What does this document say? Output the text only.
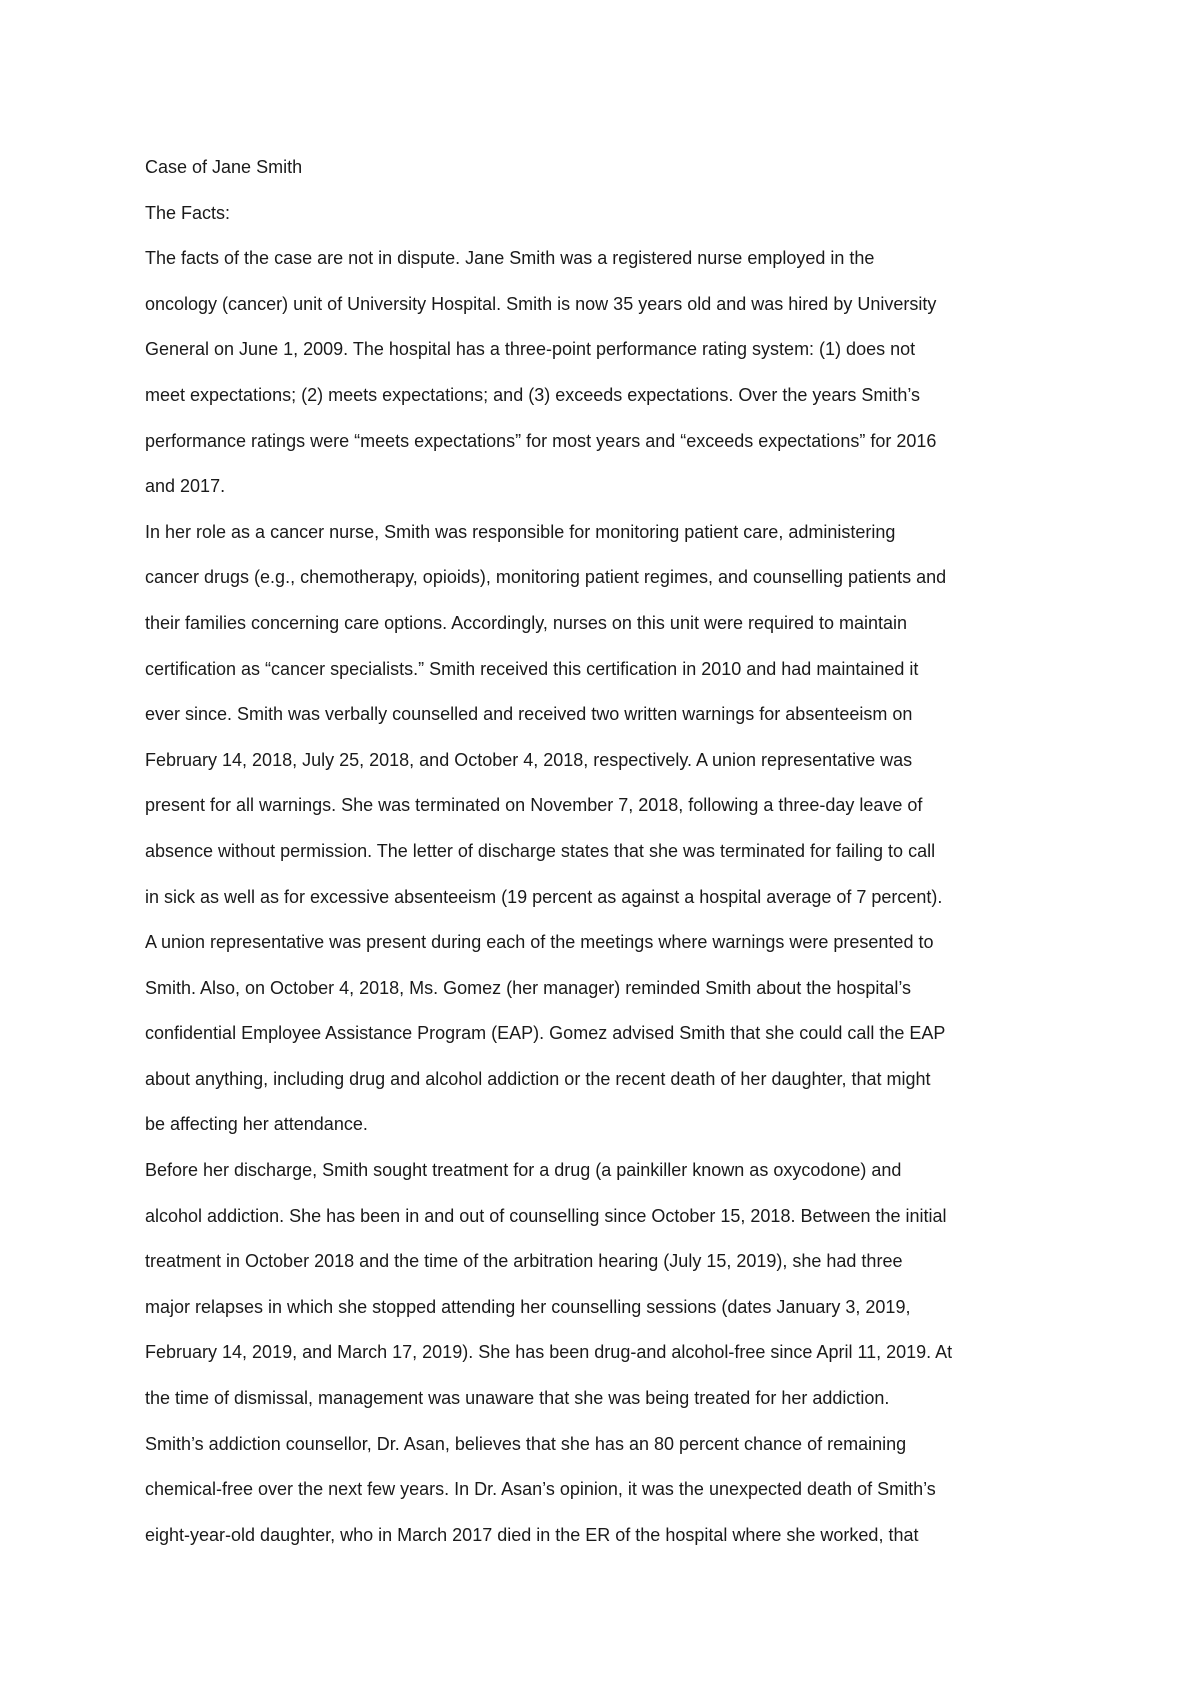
Case of Jane Smith

The Facts:

The facts of the case are not in dispute. Jane Smith was a registered nurse employed in the
oncology (cancer) unit of University Hospital. Smith is now 35 years old and was hired by University
General on June 1, 2009. The hospital has a three-point performance rating system: (1) does not
meet expectations; (2) meets expectations; and (3) exceeds expectations. Over the years Smith’s
performance ratings were “meets expectations” for most years and “exceeds expectations” for 2016
and 2017.

In her role as a cancer nurse, Smith was responsible for monitoring patient care, administering
cancer drugs (e.g., chemotherapy, opioids), monitoring patient regimes, and counselling patients and
their families concerning care options. Accordingly, nurses on this unit were required to maintain
certification as “cancer specialists.” Smith received this certification in 2010 and had maintained it
ever since. Smith was verbally counselled and received two written warnings for absenteeism on
February 14, 2018, July 25, 2018, and October 4, 2018, respectively. A union representative was
present for all warnings. She was terminated on November 7, 2018, following a three-day leave of
absence without permission. The letter of discharge states that she was terminated for failing to call
in sick as well as for excessive absenteeism (19 percent as against a hospital average of 7 percent).
A union representative was present during each of the meetings where warnings were presented to
Smith. Also, on October 4, 2018, Ms. Gomez (her manager) reminded Smith about the hospital’s
confidential Employee Assistance Program (EAP). Gomez advised Smith that she could call the EAP
about anything, including drug and alcohol addiction or the recent death of her daughter, that might
be affecting her attendance.

Before her discharge, Smith sought treatment for a drug (a painkiller known as oxycodone) and
alcohol addiction. She has been in and out of counselling since October 15, 2018. Between the initial
treatment in October 2018 and the time of the arbitration hearing (July 15, 2019), she had three
major relapses in which she stopped attending her counselling sessions (dates January 3, 2019,
February 14, 2019, and March 17, 2019). She has been drug-and alcohol-free since April 11, 2019. At
the time of dismissal, management was unaware that she was being treated for her addiction.
Smith’s addiction counsellor, Dr. Asan, believes that she has an 80 percent chance of remaining
chemical-free over the next few years. In Dr. Asan’s opinion, it was the unexpected death of Smith’s
eight-year-old daughter, who in March 2017 died in the ER of the hospital where she worked, that
